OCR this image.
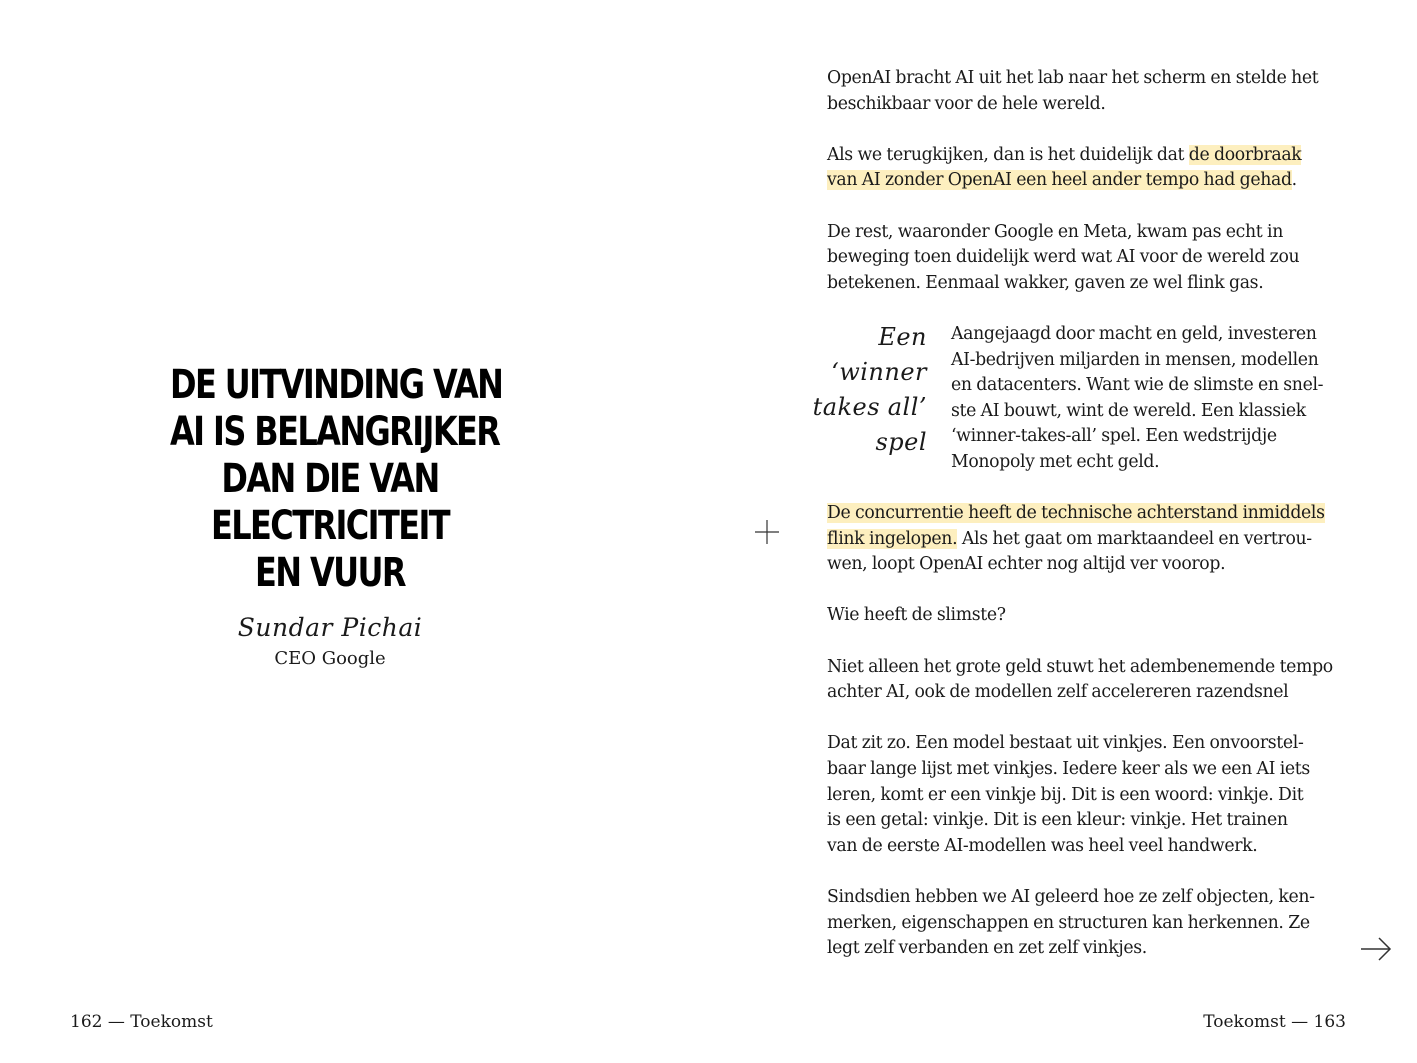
DE UITVINDING VAN
AI IS BELANGRIJKER
DAN DIE VAN
ELECTRICITEIT
EN VUUR
Sundar Pichai
CEO Google
162 — Toekomst

OpenAI bracht AI uit het lab naar het scherm en stelde het
beschikbaar voor de hele wereld.

Als we terugkijken, dan is het duidelijk dat de doorbraak
van AI zonder OpenAI een heel ander tempo had gehad.

De rest, waaronder Google en Meta, kwam pas echt in
beweging toen duidelijk werd wat AI voor de wereld zou
betekenen. Eenmaal wakker, gaven ze wel flink gas.

Een
‘winner
takes all’
spel
Aangejaagd door macht en geld, investeren
AI-bedrijven miljarden in mensen, modellen
en datacenters. Want wie de slimste en snel-
ste AI bouwt, wint de wereld. Een klassiek
‘winner-takes-all’ spel. Een wedstrijdje
Monopoly met echt geld.

De concurrentie heeft de technische achterstand inmiddels
flink ingelopen. Als het gaat om marktaandeel en vertrou-
wen, loopt OpenAI echter nog altijd ver voorop.

Wie heeft de slimste?

Niet alleen het grote geld stuwt het adembenemende tempo
achter AI, ook de modellen zelf accelereren razendsnel

Dat zit zo. Een model bestaat uit vinkjes. Een onvoorstel-
baar lange lijst met vinkjes. Iedere keer als we een AI iets
leren, komt er een vinkje bij. Dit is een woord: vinkje. Dit
is een getal: vinkje. Dit is een kleur: vinkje. Het trainen
van de eerste AI-modellen was heel veel handwerk.

Sindsdien hebben we AI geleerd hoe ze zelf objecten, ken-
merken, eigenschappen en structuren kan herkennen. Ze
legt zelf verbanden en zet zelf vinkjes.

Toekomst — 163
